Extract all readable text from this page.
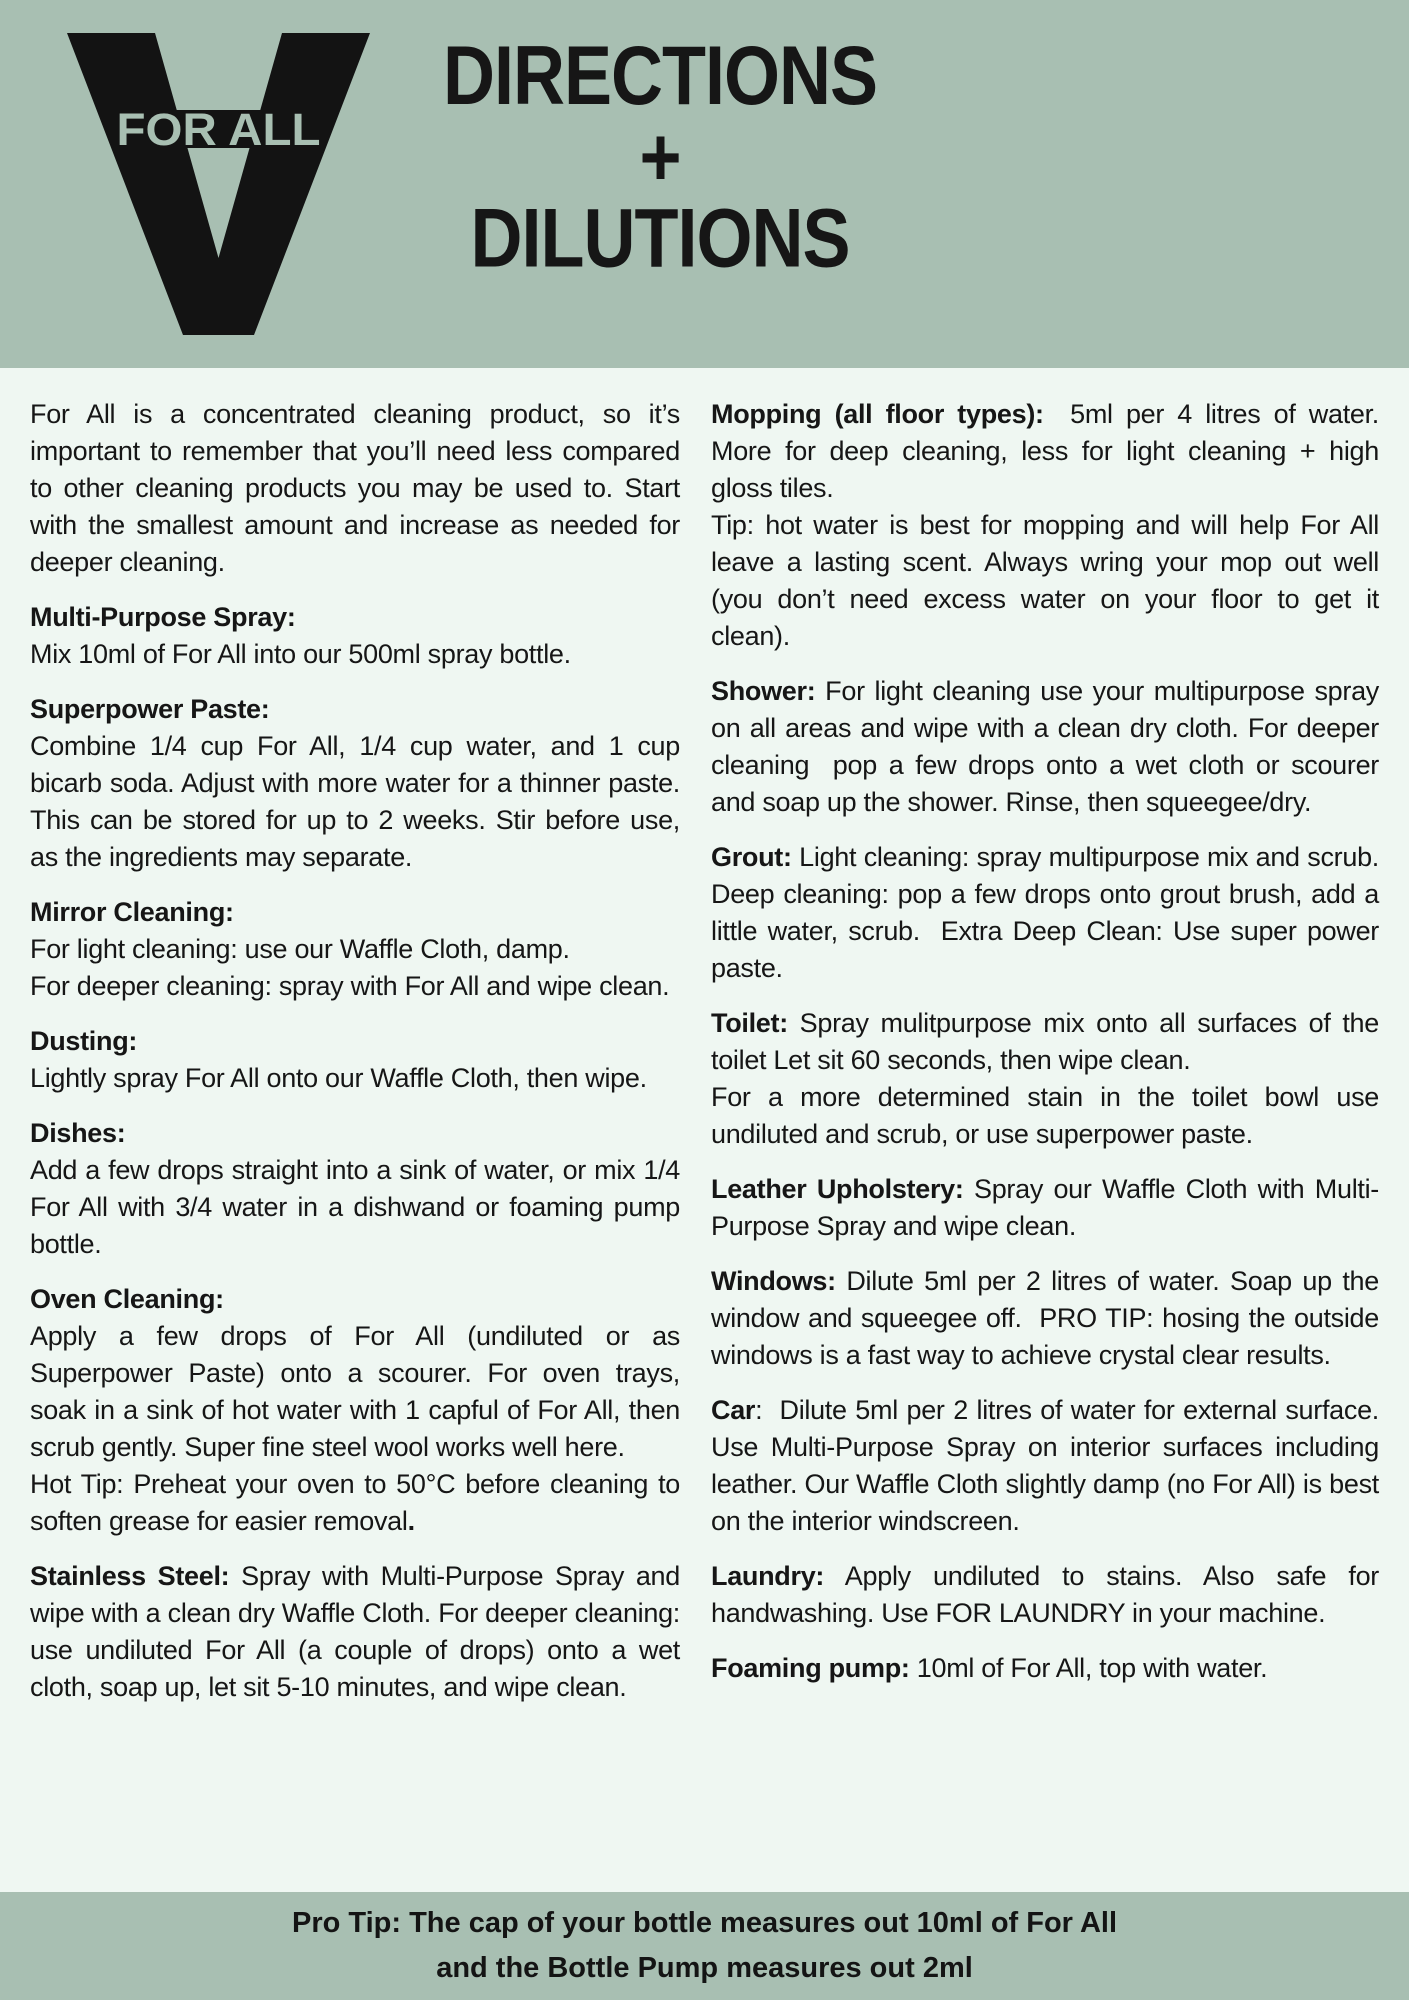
FOR ALL
DIRECTIONS
+
DILUTIONS
For All is a concentrated cleaning product, so it’s important to remember that you’ll need less compared to other cleaning products you may be used to. Start with the smallest amount and increase as needed for deeper cleaning.
Multi-Purpose Spray:
Mix 10ml of For All into our 500ml spray bottle.
Superpower Paste:
Combine 1/4 cup For All, 1/4 cup water, and 1 cup bicarb soda. Adjust with more water for a thinner paste. This can be stored for up to 2 weeks. Stir before use, as the ingredients may separate.
Mirror Cleaning:
For light cleaning: use our Waffle Cloth, damp.
For deeper cleaning: spray with For All and wipe clean.
Dusting:
Lightly spray For All onto our Waffle Cloth, then wipe.
Dishes:
Add a few drops straight into a sink of water, or mix 1/4 For All with 3/4 water in a dishwand or foaming pump bottle.
Oven Cleaning:
Apply a few drops of For All (undiluted or as Superpower Paste) onto a scourer. For oven trays, soak in a sink of hot water with 1 capful of For All, then scrub gently. Super fine steel wool works well here.
Hot Tip: Preheat your oven to 50°C before cleaning to soften grease for easier removal.
Stainless Steel: Spray with Multi-Purpose Spray and wipe with a clean dry Waffle Cloth. For deeper cleaning: use undiluted For All (a couple of drops) onto a wet cloth, soap up, let sit 5-10 minutes, and wipe clean.
Mopping (all floor types):  5ml per 4 litres of water. More for deep cleaning, less for light cleaning + high gloss tiles.
Tip: hot water is best for mopping and will help For All leave a lasting scent. Always wring your mop out well (you don’t need excess water on your floor to get it clean).
Shower: For light cleaning use your multipurpose spray on all areas and wipe with a clean dry cloth. For deeper cleaning  pop a few drops onto a wet cloth or scourer and soap up the shower. Rinse, then squeegee/dry.
Grout: Light cleaning: spray multipurpose mix and scrub. Deep cleaning: pop a few drops onto grout brush, add a little water, scrub.  Extra Deep Clean: Use super power paste.
Toilet: Spray mulitpurpose mix onto all surfaces of the toilet Let sit 60 seconds, then wipe clean.
For a more determined stain in the toilet bowl use undiluted and scrub, or use superpower paste.
Leather Upholstery: Spray our Waffle Cloth with Multi-Purpose Spray and wipe clean.
Windows: Dilute 5ml per 2 litres of water. Soap up the window and squeegee off.  PRO TIP: hosing the outside windows is a fast way to achieve crystal clear results.
Car:  Dilute 5ml per 2 litres of water for external surface. Use Multi-Purpose Spray on interior surfaces including leather. Our Waffle Cloth slightly damp (no For All) is best on the interior windscreen.
Laundry: Apply undiluted to stains. Also safe for handwashing. Use FOR LAUNDRY in your machine.
Foaming pump: 10ml of For All, top with water.
Pro Tip: The cap of your bottle measures out 10ml of For All
and the Bottle Pump measures out 2ml
